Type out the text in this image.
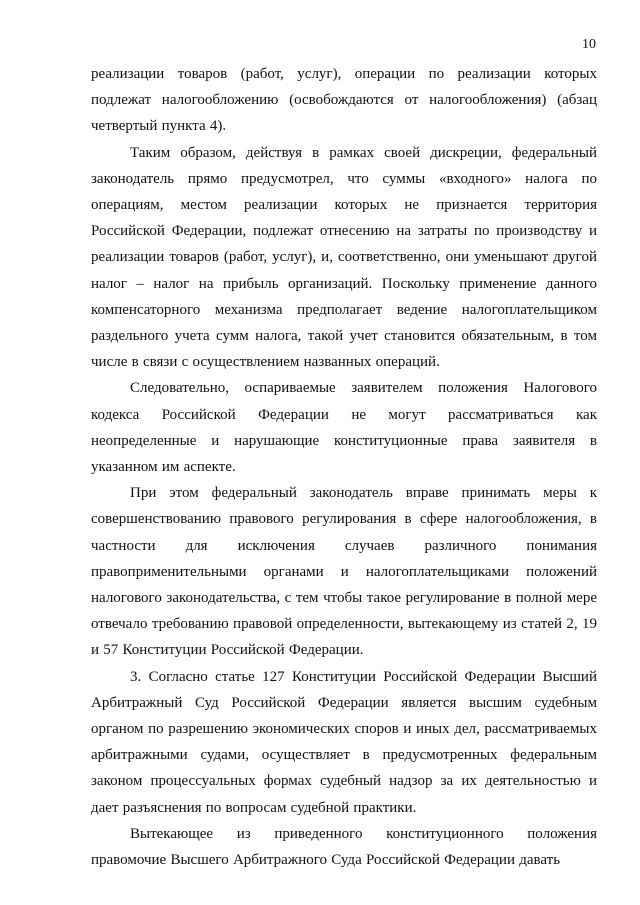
10

реализации товаров (работ, услуг), операции по реализации которых подлежат налогообложению (освобождаются от налогообложения) (абзац четвертый пункта 4).

Таким образом, действуя в рамках своей дискреции, федеральный законодатель прямо предусмотрел, что суммы «входного» налога по операциям, местом реализации которых не признается территория Российской Федерации, подлежат отнесению на затраты по производству и реализации товаров (работ, услуг), и, соответственно, они уменьшают другой налог – налог на прибыль организаций. Поскольку применение данного компенсаторного механизма предполагает ведение налогоплательщиком раздельного учета сумм налога, такой учет становится обязательным, в том числе в связи с осуществлением названных операций.

Следовательно, оспариваемые заявителем положения Налогового кодекса Российской Федерации не могут рассматриваться как неопределенные и нарушающие конституционные права заявителя в указанном им аспекте.

При этом федеральный законодатель вправе принимать меры к совершенствованию правового регулирования в сфере налогообложения, в частности для исключения случаев различного понимания правоприменительными органами и налогоплательщиками положений налогового законодательства, с тем чтобы такое регулирование в полной мере отвечало требованию правовой определенности, вытекающему из статей 2, 19 и 57 Конституции Российской Федерации.

3. Согласно статье 127 Конституции Российской Федерации Высший Арбитражный Суд Российской Федерации является высшим судебным органом по разрешению экономических споров и иных дел, рассматриваемых арбитражными судами, осуществляет в предусмотренных федеральным законом процессуальных формах судебный надзор за их деятельностью и дает разъяснения по вопросам судебной практики.

Вытекающее из приведенного конституционного положения правомочие Высшего Арбитражного Суда Российской Федерации давать
